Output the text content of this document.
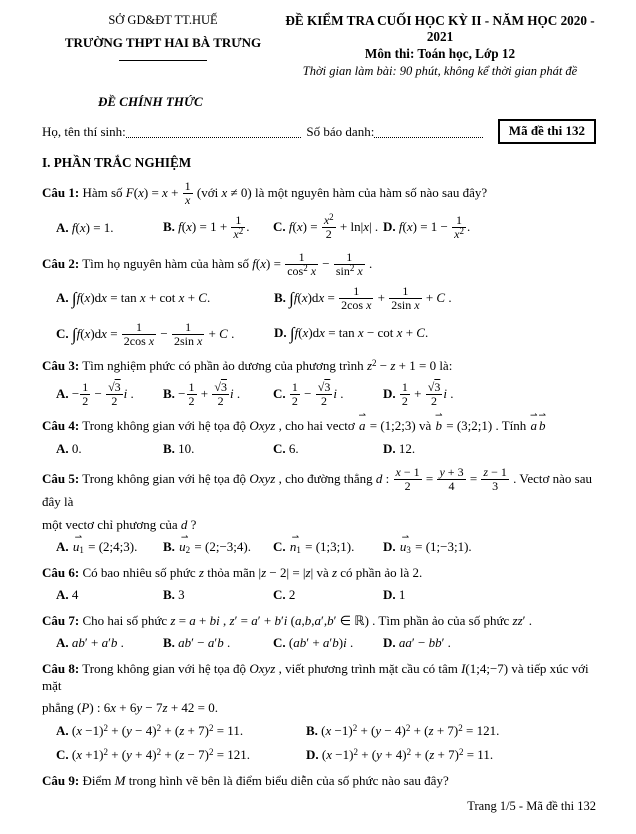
SỞ GD&ĐT TT.HUẾ
TRƯỜNG THPT HAI BÀ TRƯNG
ĐỀ KIỂM TRA CUỐI HỌC KỲ II - NĂM HỌC 2020 - 2021
Môn thi: Toán học, Lớp 12
Thời gian làm bài: 90 phút, không kể thời gian phát đề
ĐỀ CHÍNH THỨC
Họ, tên thí sinh:	Số báo danh:	Mã đề thi 132
I. PHẦN TRẮC NGHIỆM
Câu 1: Hàm số $F(x) = x + \frac{1}{x}$ (với x ≠ 0) là một nguyên hàm của hàm số nào sau đây?
A. f(x) = 1.	B. $f(x) = 1 + \frac{1}{x^2}$ .	C. $f(x) = \frac{x^2}{2} + \ln|x|$ . D. $f(x) = 1 - \frac{1}{x^2}$ .
Câu 2: Tìm họ nguyên hàm của hàm số $f(x) = \frac{1}{\cos^2 x} - \frac{1}{\sin^2 x}$ .
A. ∫f(x)dx = tan x + cot x + C.	B. $\int f(x)dx = \frac{1}{\text{2cos x}} + \frac{1}{\text{2sin x}} + C$ .
C. $\int f(x)dx = \frac{1}{\text{2cos x}} - \frac{1}{\text{2sin x}} + C$ .	D. ∫f(x)dx = tan x − cot x + C.
Câu 3: Tìm nghiệm phức có phần ảo dương của phương trình $z^2 - z + 1 = 0$ là:
A. − $\frac{1}{2} - \frac{√3}{2}$ i .	B. − $\frac{1}{2} + \frac{√3}{2}$ i .	C. $\frac{1}{2} - \frac{√3}{2}$ i .	D. $\frac{1}{2} + \frac{√3}{2}$ i .
Câu 4: Trong không gian với hệ tọa độ Oxyz , cho hai vectơ
⇀
a = (1;2;3) và
⇀
b = (3;2;1) . Tính
⇀
a
⇀
b
A. 0.	B. 10.	C. 6.	D. 12.
Câu 5: Trong không gian với hệ tọa độ Oxyz , cho đường thẳng d : $\frac{x - 1}{2} = \frac{y + 3}{4} = \frac{z - 1}{3}$ . Vectơ nào sau đây là
một vectơ chỉ phương của d ?
A.
⇀
$u_1$ = (2;4;3).	B.
⇀
$u_2$ = (2;−3;4).	C.
⇀
$n_1$ = (1;3;1).	D.
⇀
$u_3$ = (1;−3;1).
Câu 6: Có bao nhiêu số phức z thỏa mãn |z − 2| = |z| và z có phần ảo là 2.
A. 4	B. 3	C. 2	D. 1
Câu 7: Cho hai số phức z = a + bi , z′ = a′ + b′i (a,b,a′,b′ ∈ ℝ) . Tìm phần ảo của số phức zz′ .
A. ab′ + a′b .	B. ab′ − a′b .	C. (ab′ + a′b)i .	D. aa′ − bb′ .
Câu 8: Trong không gian với hệ tọa độ Oxyz , viết phương trình mặt cầu có tâm I(1;4;−7) và tiếp xúc với mặt
phẳng (P) : 6x + 6y − 7z + 42 = 0.
A. $(x -1)^2 + (y - 4)^2 + (z + 7)^2 = 11$.	B. $(x -1)^2 + (y - 4)^2 + (z + 7)^2 = 121$.
C. $(x +1)^2 + (y + 4)^2 + (z - 7)^2 = 121$.	D. $(x -1)^2 + (y + 4)^2 + (z + 7)^2 = 11$.
Câu 9: Điểm M trong hình vẽ bên là điểm biểu diễn của số phức nào sau đây?
Trang 1/5 - Mã đề thi 132
